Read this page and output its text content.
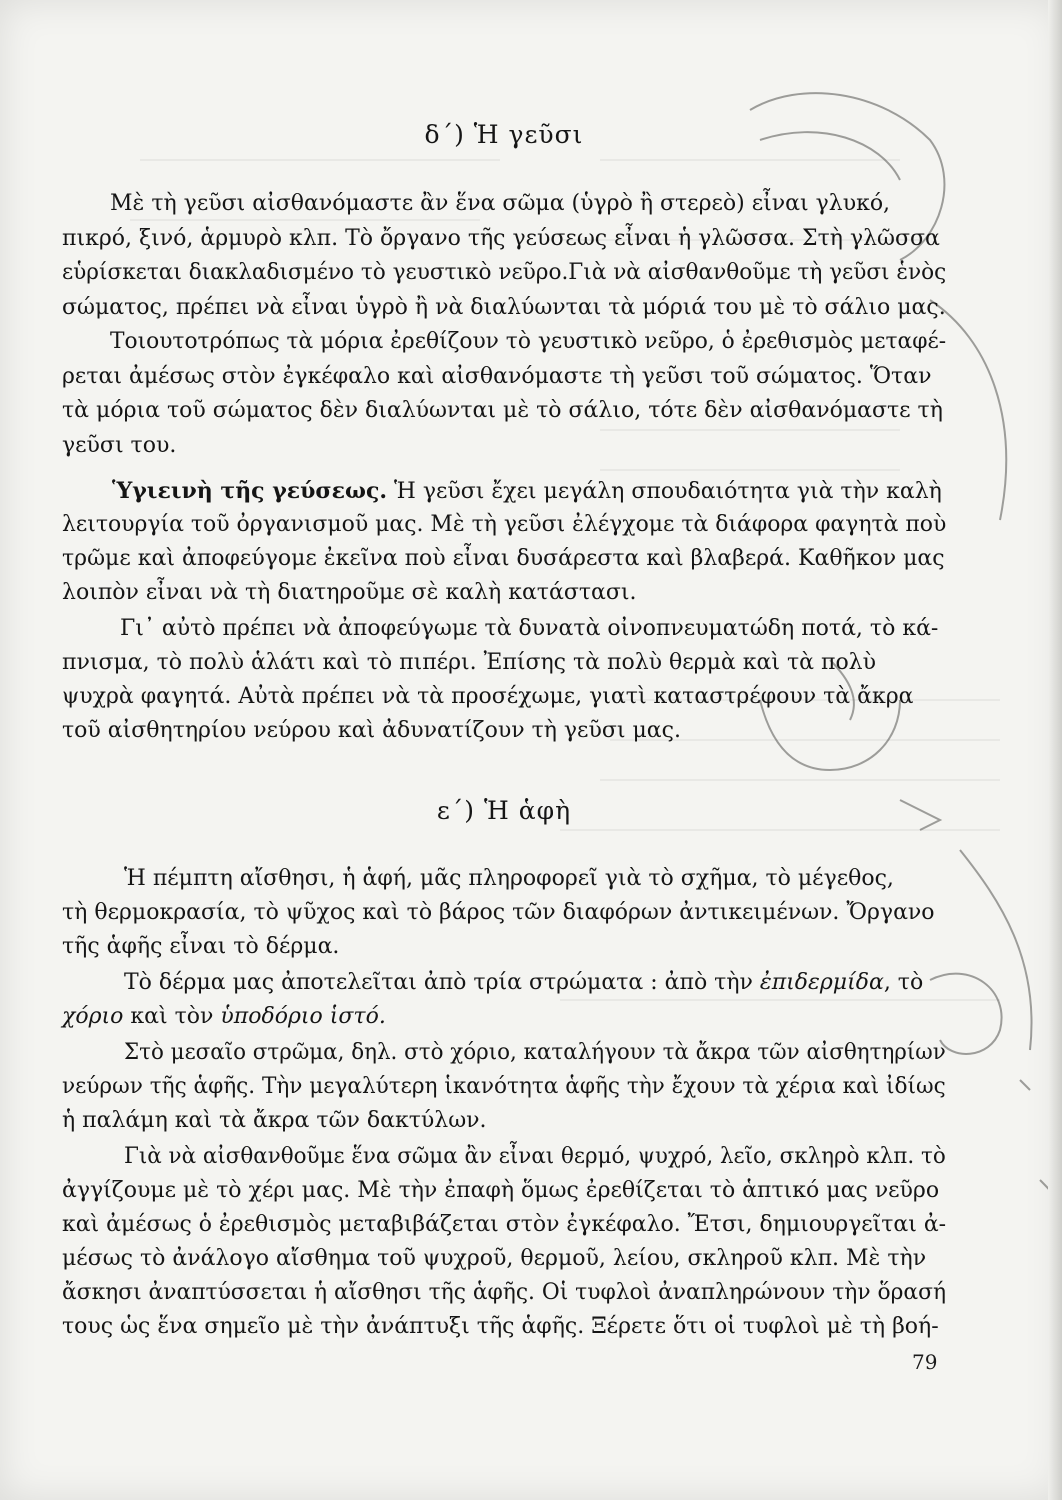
δ΄) Ἡ γεῦσι
Μὲ τὴ γεῦσι αἰσθανόμαστε ἂν ἕνα σῶμα (ὑγρὸ ἢ στερεὸ) εἶναι γλυκό,
πικρό, ξινό, ἁρμυρὸ κλπ. Τὸ ὄργανο τῆς γεύσεως εἶναι ἡ γλῶσσα. Στὴ γλῶσσα
εὑρίσκεται διακλαδισμένο τὸ γευστικὸ νεῦρο.Γιὰ νὰ αἰσθανθοῦμε τὴ γεῦσι ἑνὸς
σώματος, πρέπει νὰ εἶναι ὑγρὸ ἢ νὰ διαλύωνται τὰ μόριά του μὲ τὸ σάλιο μας.
Τοιουτοτρόπως τὰ μόρια ἐρεθίζουν τὸ γευστικὸ νεῦρο, ὁ ἐρεθισμὸς μεταφέ-
ρεται ἀμέσως στὸν ἐγκέφαλο καὶ αἰσθανόμαστε τὴ γεῦσι τοῦ σώματος. Ὅταν
τὰ μόρια τοῦ σώματος δὲν διαλύωνται μὲ τὸ σάλιο, τότε δὲν αἰσθανόμαστε τὴ
γεῦσι του.
Ὑγιεινὴ τῆς γεύσεως. Ἡ γεῦσι ἔχει μεγάλη σπουδαιότητα γιὰ τὴν καλὴ
λειτουργία τοῦ ὀργανισμοῦ μας. Μὲ τὴ γεῦσι ἐλέγχομε τὰ διάφορα φαγητὰ ποὺ
τρῶμε καὶ ἀποφεύγομε ἐκεῖνα ποὺ εἶναι δυσάρεστα καὶ βλαβερά. Καθῆκον μας
λοιπὸν εἶναι νὰ τὴ διατηροῦμε σὲ καλὴ κατάστασι.
Γι᾿ αὐτὸ πρέπει νὰ ἀποφεύγωμε τὰ δυνατὰ οἰνοπνευματώδη ποτά, τὸ κά-
πνισμα, τὸ πολὺ ἁλάτι καὶ τὸ πιπέρι. Ἐπίσης τὰ πολὺ θερμὰ καὶ τὰ πολὺ
ψυχρὰ φαγητά. Αὐτὰ πρέπει νὰ τὰ προσέχωμε, γιατὶ καταστρέφουν τὰ ἄκρα
τοῦ αἰσθητηρίου νεύρου καὶ ἀδυνατίζουν τὴ γεῦσι μας.
ε΄) Ἡ ἁφὴ
Ἡ πέμπτη αἴσθησι, ἡ ἁφή, μᾶς πληροφορεῖ γιὰ τὸ σχῆμα, τὸ μέγεθος,
τὴ θερμοκρασία, τὸ ψῦχος καὶ τὸ βάρος τῶν διαφόρων ἀντικειμένων. Ὄργανο
τῆς ἁφῆς εἶναι τὸ δέρμα.
Τὸ δέρμα μας ἀποτελεῖται ἀπὸ τρία στρώματα : ἀπὸ τὴν ἐπιδερμίδα, τὸ
χόριο καὶ τὸν ὑποδόριο ἱστό.
Στὸ μεσαῖο στρῶμα, δηλ. στὸ χόριο, καταλήγουν τὰ ἄκρα τῶν αἰσθητηρίων
νεύρων τῆς ἁφῆς. Τὴν μεγαλύτερη ἱκανότητα ἁφῆς τὴν ἔχουν τὰ χέρια καὶ ἰδίως
ἡ παλάμη καὶ τὰ ἄκρα τῶν δακτύλων.
Γιὰ νὰ αἰσθανθοῦμε ἕνα σῶμα ἂν εἶναι θερμό, ψυχρό, λεῖο, σκληρὸ κλπ. τὸ
ἀγγίζουμε μὲ τὸ χέρι μας. Μὲ τὴν ἐπαφὴ ὅμως ἐρεθίζεται τὸ ἁπτικό μας νεῦρο
καὶ ἀμέσως ὁ ἐρεθισμὸς μεταβιβάζεται στὸν ἐγκέφαλο. Ἔτσι, δημιουργεῖται ἀ-
μέσως τὸ ἀνάλογο αἴσθημα τοῦ ψυχροῦ, θερμοῦ, λείου, σκληροῦ κλπ. Μὲ τὴν
ἄσκησι ἀναπτύσσεται ἡ αἴσθησι τῆς ἁφῆς. Οἱ τυφλοὶ ἀναπληρώνουν τὴν ὅρασή
τους ὡς ἕνα σημεῖο μὲ τὴν ἀνάπτυξι τῆς ἁφῆς. Ξέρετε ὅτι οἱ τυφλοὶ μὲ τὴ βοή-
79
